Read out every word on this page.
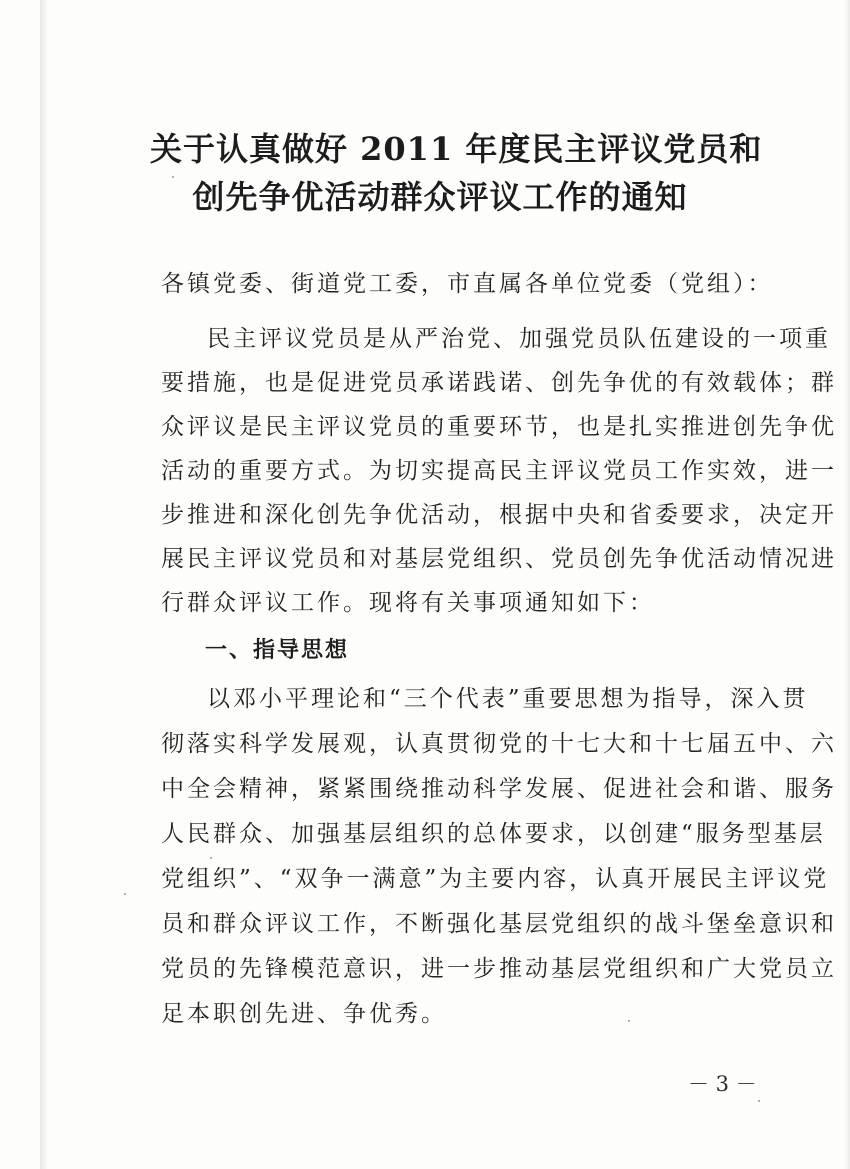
关于认真做好 2011 年度民主评议党员和
创先争优活动群众评议工作的通知
各镇党委、街道党工委，市直属各单位党委（党组）：
民主评议党员是从严治党、加强党员队伍建设的一项重
要措施，也是促进党员承诺践诺、创先争优的有效载体；群
众评议是民主评议党员的重要环节，也是扎实推进创先争优
活动的重要方式。为切实提高民主评议党员工作实效，进一
步推进和深化创先争优活动，根据中央和省委要求，决定开
展民主评议党员和对基层党组织、党员创先争优活动情况进
行群众评议工作。现将有关事项通知如下：
一、指导思想
以邓小平理论和“三个代表”重要思想为指导，深入贯
彻落实科学发展观，认真贯彻党的十七大和十七届五中、六
中全会精神，紧紧围绕推动科学发展、促进社会和谐、服务
人民群众、加强基层组织的总体要求，以创建“服务型基层
党组织”、“双争一满意”为主要内容，认真开展民主评议党
员和群众评议工作，不断强化基层党组织的战斗堡垒意识和
党员的先锋模范意识，进一步推动基层党组织和广大党员立
足本职创先进、争优秀。
－ 3 －
